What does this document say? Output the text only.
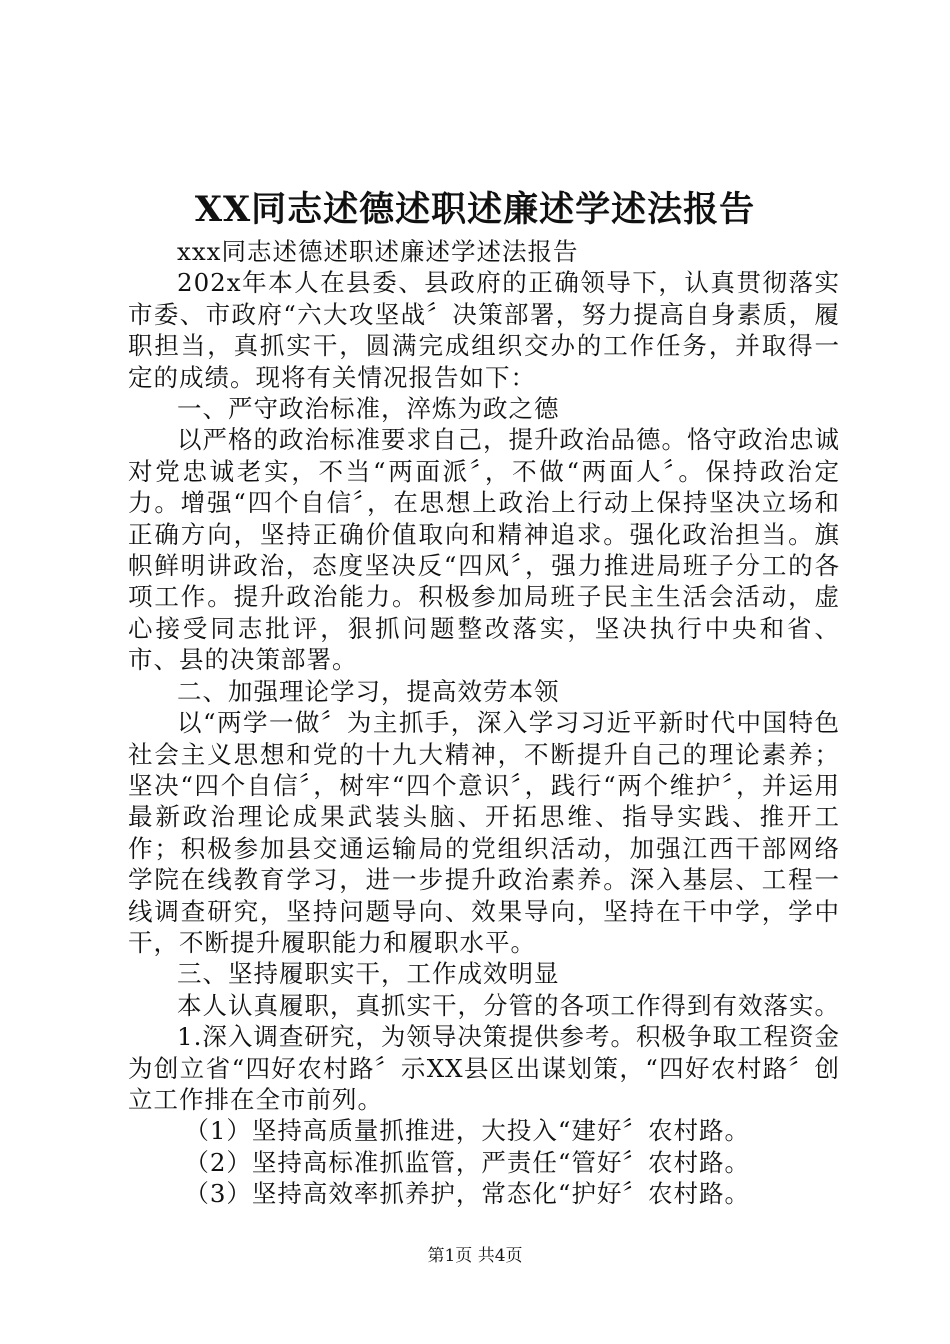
XX同志述德述职述廉述学述法报告

xxx同志述德述职述廉述学述法报告

202x年本人在县委、县政府的正确领导下，认真贯彻落实市委、市政府“六大攻坚战〞决策部署，努力提高自身素质，履职担当，真抓实干，圆满完成组织交办的工作任务，并取得一定的成绩。现将有关情况报告如下：

一、严守政治标准，淬炼为政之德

以严格的政治标准要求自己，提升政治品德。恪守政治忠诚对党忠诚老实，不当“两面派〞，不做“两面人〞。保持政治定力。增强“四个自信〞，在思想上政治上行动上保持坚决立场和正确方向，坚持正确价值取向和精神追求。强化政治担当。旗帜鲜明讲政治，态度坚决反“四风〞，强力推进局班子分工的各项工作。提升政治能力。积极参加局班子民主生活会活动，虚心接受同志批评，狠抓问题整改落实，坚决执行中央和省、市、县的决策部署。

二、加强理论学习，提高效劳本领

以“两学一做〞为主抓手，深入学习习近平新时代中国特色社会主义思想和党的十九大精神，不断提升自己的理论素养；坚决“四个自信〞，树牢“四个意识〞，践行“两个维护〞，并运用最新政治理论成果武装头脑、开拓思维、指导实践、推开工作；积极参加县交通运输局的党组织活动，加强江西干部网络学院在线教育学习，进一步提升政治素养。深入基层、工程一线调查研究，坚持问题导向、效果导向，坚持在干中学，学中干，不断提升履职能力和履职水平。

三、坚持履职实干，工作成效明显

本人认真履职，真抓实干，分管的各项工作得到有效落实。

1.深入调查研究，为领导决策提供参考。积极争取工程资金为创立省“四好农村路〞示XX县区出谋划策，“四好农村路〞创立工作排在全市前列。

（1）坚持高质量抓推进，大投入“建好〞农村路。

（2）坚持高标准抓监管，严责任“管好〞农村路。

（3）坚持高效率抓养护，常态化“护好〞农村路。

第1页 共4页
